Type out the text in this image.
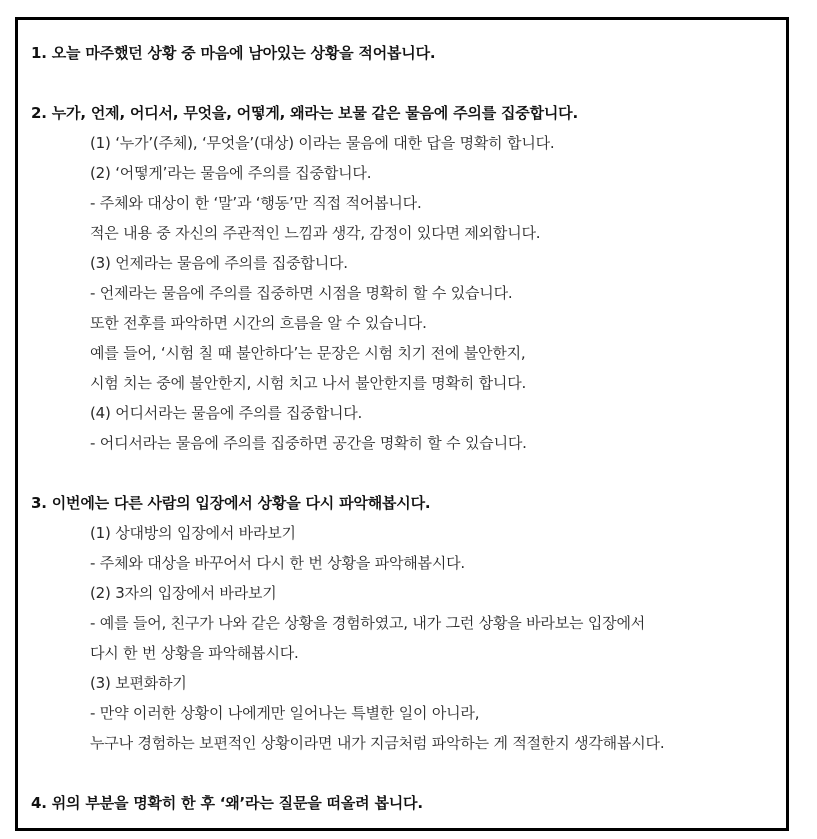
1. 오늘 마주했던 상황 중 마음에 남아있는 상황을 적어봅니다.
2. 누가, 언제, 어디서, 무엇을, 어떻게, 왜라는 보물 같은 물음에 주의를 집중합니다.
(1) ‘누가’(주체), ‘무엇을’(대상) 이라는 물음에 대한 답을 명확히 합니다.
(2) ‘어떻게’라는 물음에 주의를 집중합니다.
- 주체와 대상이 한 ‘말’과 ‘행동’만 직접 적어봅니다.
적은 내용 중 자신의 주관적인 느낌과 생각, 감정이 있다면 제외합니다.
(3) 언제라는 물음에 주의를 집중합니다.
- 언제라는 물음에 주의를 집중하면 시점을 명확히 할 수 있습니다.
또한 전후를 파악하면 시간의 흐름을 알 수 있습니다.
예를 들어, ‘시험 칠 때 불안하다’는 문장은 시험 치기 전에 불안한지,
시험 치는 중에 불안한지, 시험 치고 나서 불안한지를 명확히 합니다.
(4) 어디서라는 물음에 주의를 집중합니다.
- 어디서라는 물음에 주의를 집중하면 공간을 명확히 할 수 있습니다.
3. 이번에는 다른 사람의 입장에서 상황을 다시 파악해봅시다.
(1) 상대방의 입장에서 바라보기
- 주체와 대상을 바꾸어서 다시 한 번 상황을 파악해봅시다.
(2) 3자의 입장에서 바라보기
- 예를 들어, 친구가 나와 같은 상황을 경험하였고, 내가 그런 상황을 바라보는 입장에서
다시 한 번 상황을 파악해봅시다.
(3) 보편화하기
- 만약 이러한 상황이 나에게만 일어나는 특별한 일이 아니라,
누구나 경험하는 보편적인 상황이라면 내가 지금처럼 파악하는 게 적절한지 생각해봅시다.
4. 위의 부분을 명확히 한 후 ‘왜’라는 질문을 떠올려 봅니다.
